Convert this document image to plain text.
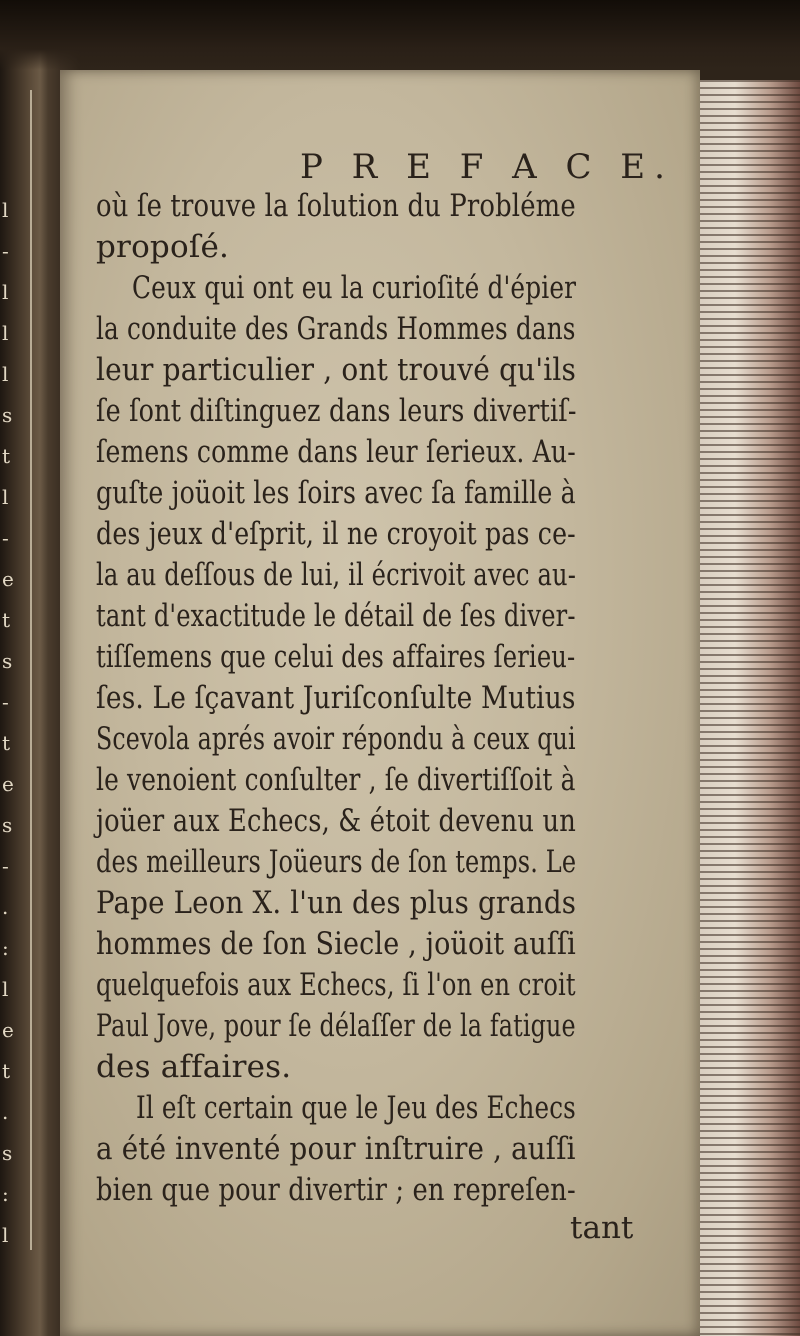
l
-
l
l
l
s
t
l
-
e
t
s
-
t
e
s
-
.
:
l
e
t
.
s
:
l
P R E F A C E.
où ſe trouve la ſolution du Probléme
propoſé.
Ceux qui ont eu la curioſité d'épier
la conduite des Grands Hommes dans
leur particulier , ont trouvé qu'ils
ſe ſont diſtinguez dans leurs divertiſ-
ſemens comme dans leur ſerieux. Au-
guſte joüoit les ſoirs avec ſa famille à
des jeux d'eſprit, il ne croyoit pas ce-
la au deſſous de lui, il écrivoit avec au-
tant d'exactitude le détail de ſes diver-
tiſſemens que celui des affaires ſerieu-
ſes. Le ſçavant Juriſconſulte Mutius
Scevola aprés avoir répondu à ceux qui
le venoient conſulter , ſe divertiſſoit à
joüer aux Echecs, & étoit devenu un
des meilleurs Joüeurs de ſon temps. Le
Pape Leon X. l'un des plus grands
hommes de ſon Siecle , joüoit auſſi
quelquefois aux Echecs, ſi l'on en croit
Paul Jove, pour ſe délaſſer de la fatigue
des affaires.
Il eſt certain que le Jeu des Echecs
a été inventé pour inſtruire , auſſi
bien que pour divertir ; en repreſen-
tant
